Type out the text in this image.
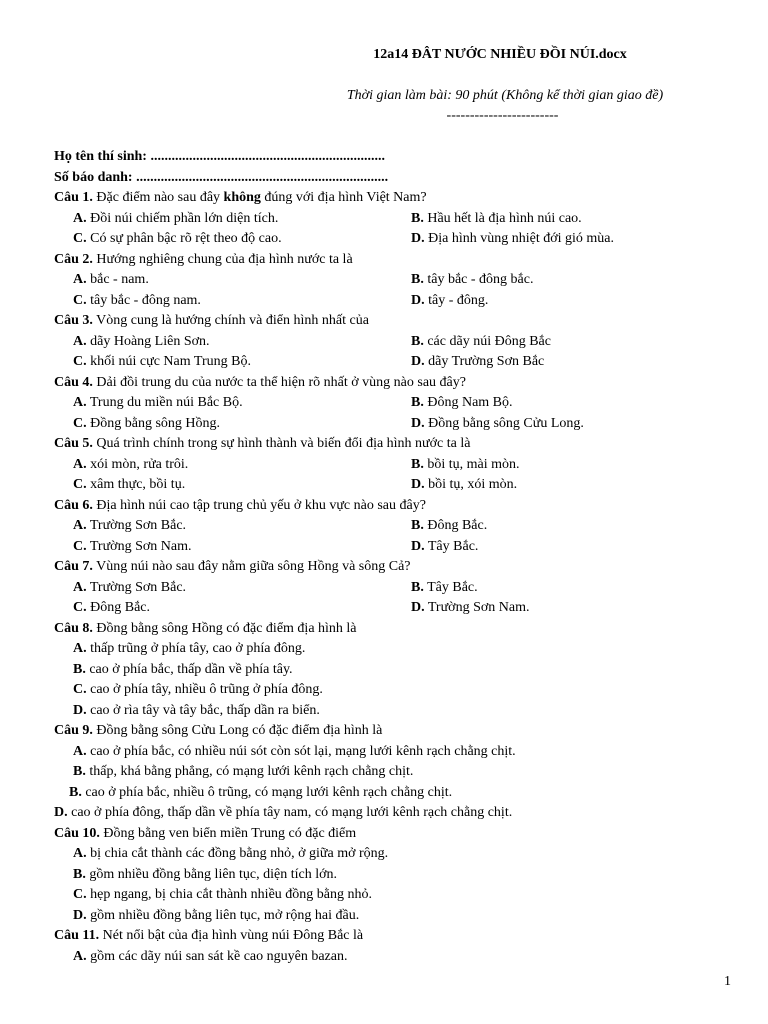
12a14 ĐÂT NƯỚC NHIỀU ĐỒI NÚI.docx
Thời gian làm bài: 90 phút (Không kể thời gian giao đề)
------------------------
Họ tên thí sinh: ...................................................................
Số báo danh: ........................................................................
Câu 1. Đặc điểm nào sau đây không đúng với địa hình Việt Nam?
A. Đồi núi chiếm phần lớn diện tích.	B. Hầu hết là địa hình núi cao.
C. Có sự phân bậc rõ rệt theo độ cao.	D. Địa hình vùng nhiệt đới gió mùa.
Câu 2. Hướng nghiêng chung của địa hình nước ta là
A. bắc - nam.	B. tây bắc - đông bắc.
C. tây bắc - đông nam.	D. tây - đông.
Câu 3. Vòng cung là hướng chính và điển hình nhất của
A. dãy Hoàng Liên Sơn.	B. các dãy núi Đông Bắc
C. khối núi cực Nam Trung Bộ.	D. dãy Trường Sơn Bắc
Câu 4. Dải đồi trung du của nước ta thể hiện rõ nhất ở vùng nào sau đây?
A. Trung du miền núi Bắc Bộ.	B. Đông Nam Bộ.
C. Đồng bằng sông Hồng.	D. Đồng bằng sông Cửu Long.
Câu 5. Quá trình chính trong sự hình thành và biến đổi địa hình nước ta là
A. xói mòn, rửa trôi.	B. bồi tụ, mài mòn.
C. xâm thực, bồi tụ.	D. bồi tụ, xói mòn.
Câu 6. Địa hình núi cao tập trung chủ yếu ở khu vực nào sau đây?
A. Trường Sơn Bắc.	B. Đông Bắc.
C. Trường Sơn Nam.	D. Tây Bắc.
Câu 7. Vùng núi nào sau đây nằm giữa sông Hồng và sông Cả?
A. Trường Sơn Bắc.	B. Tây Bắc.
C. Đông Bắc.	D. Trường Sơn Nam.
Câu 8. Đồng bằng sông Hồng có đặc điểm địa hình là
A. thấp trũng ở phía tây, cao ở phía đông.
B. cao ở phía bắc, thấp dần về phía tây.
C. cao ở phía tây, nhiều ô trũng ở phía đông.
D. cao ở rìa tây và tây bắc, thấp dần ra biển.
Câu 9. Đồng bằng sông Cửu Long có đặc điểm địa hình là
A. cao ở phía bắc, có nhiều núi sót còn sót lại, mạng lưới kênh rạch chằng chịt.
B. thấp, khá bằng phẳng, có mạng lưới kênh rạch chằng chịt.
B. cao ở phía bắc, nhiều ô trũng, có mạng lưới kênh rạch chằng chịt.
D. cao ở phía đông, thấp dần về phía tây nam, có mạng lưới kênh rạch chằng chịt.
Câu 10. Đồng bằng ven biển miền Trung có đặc điểm
A. bị chia cắt thành các đồng bằng nhỏ, ở giữa mở rộng.
B. gồm nhiều đồng bằng liên tục, diện tích lớn.
C. hẹp ngang, bị chia cắt thành nhiều đồng bằng nhỏ.
D. gồm nhiều đồng bằng liên tục, mở rộng hai đầu.
Câu 11. Nét nổi bật của địa hình vùng núi Đông Bắc là
A. gồm các dãy núi san sát kề cao nguyên bazan.
1
